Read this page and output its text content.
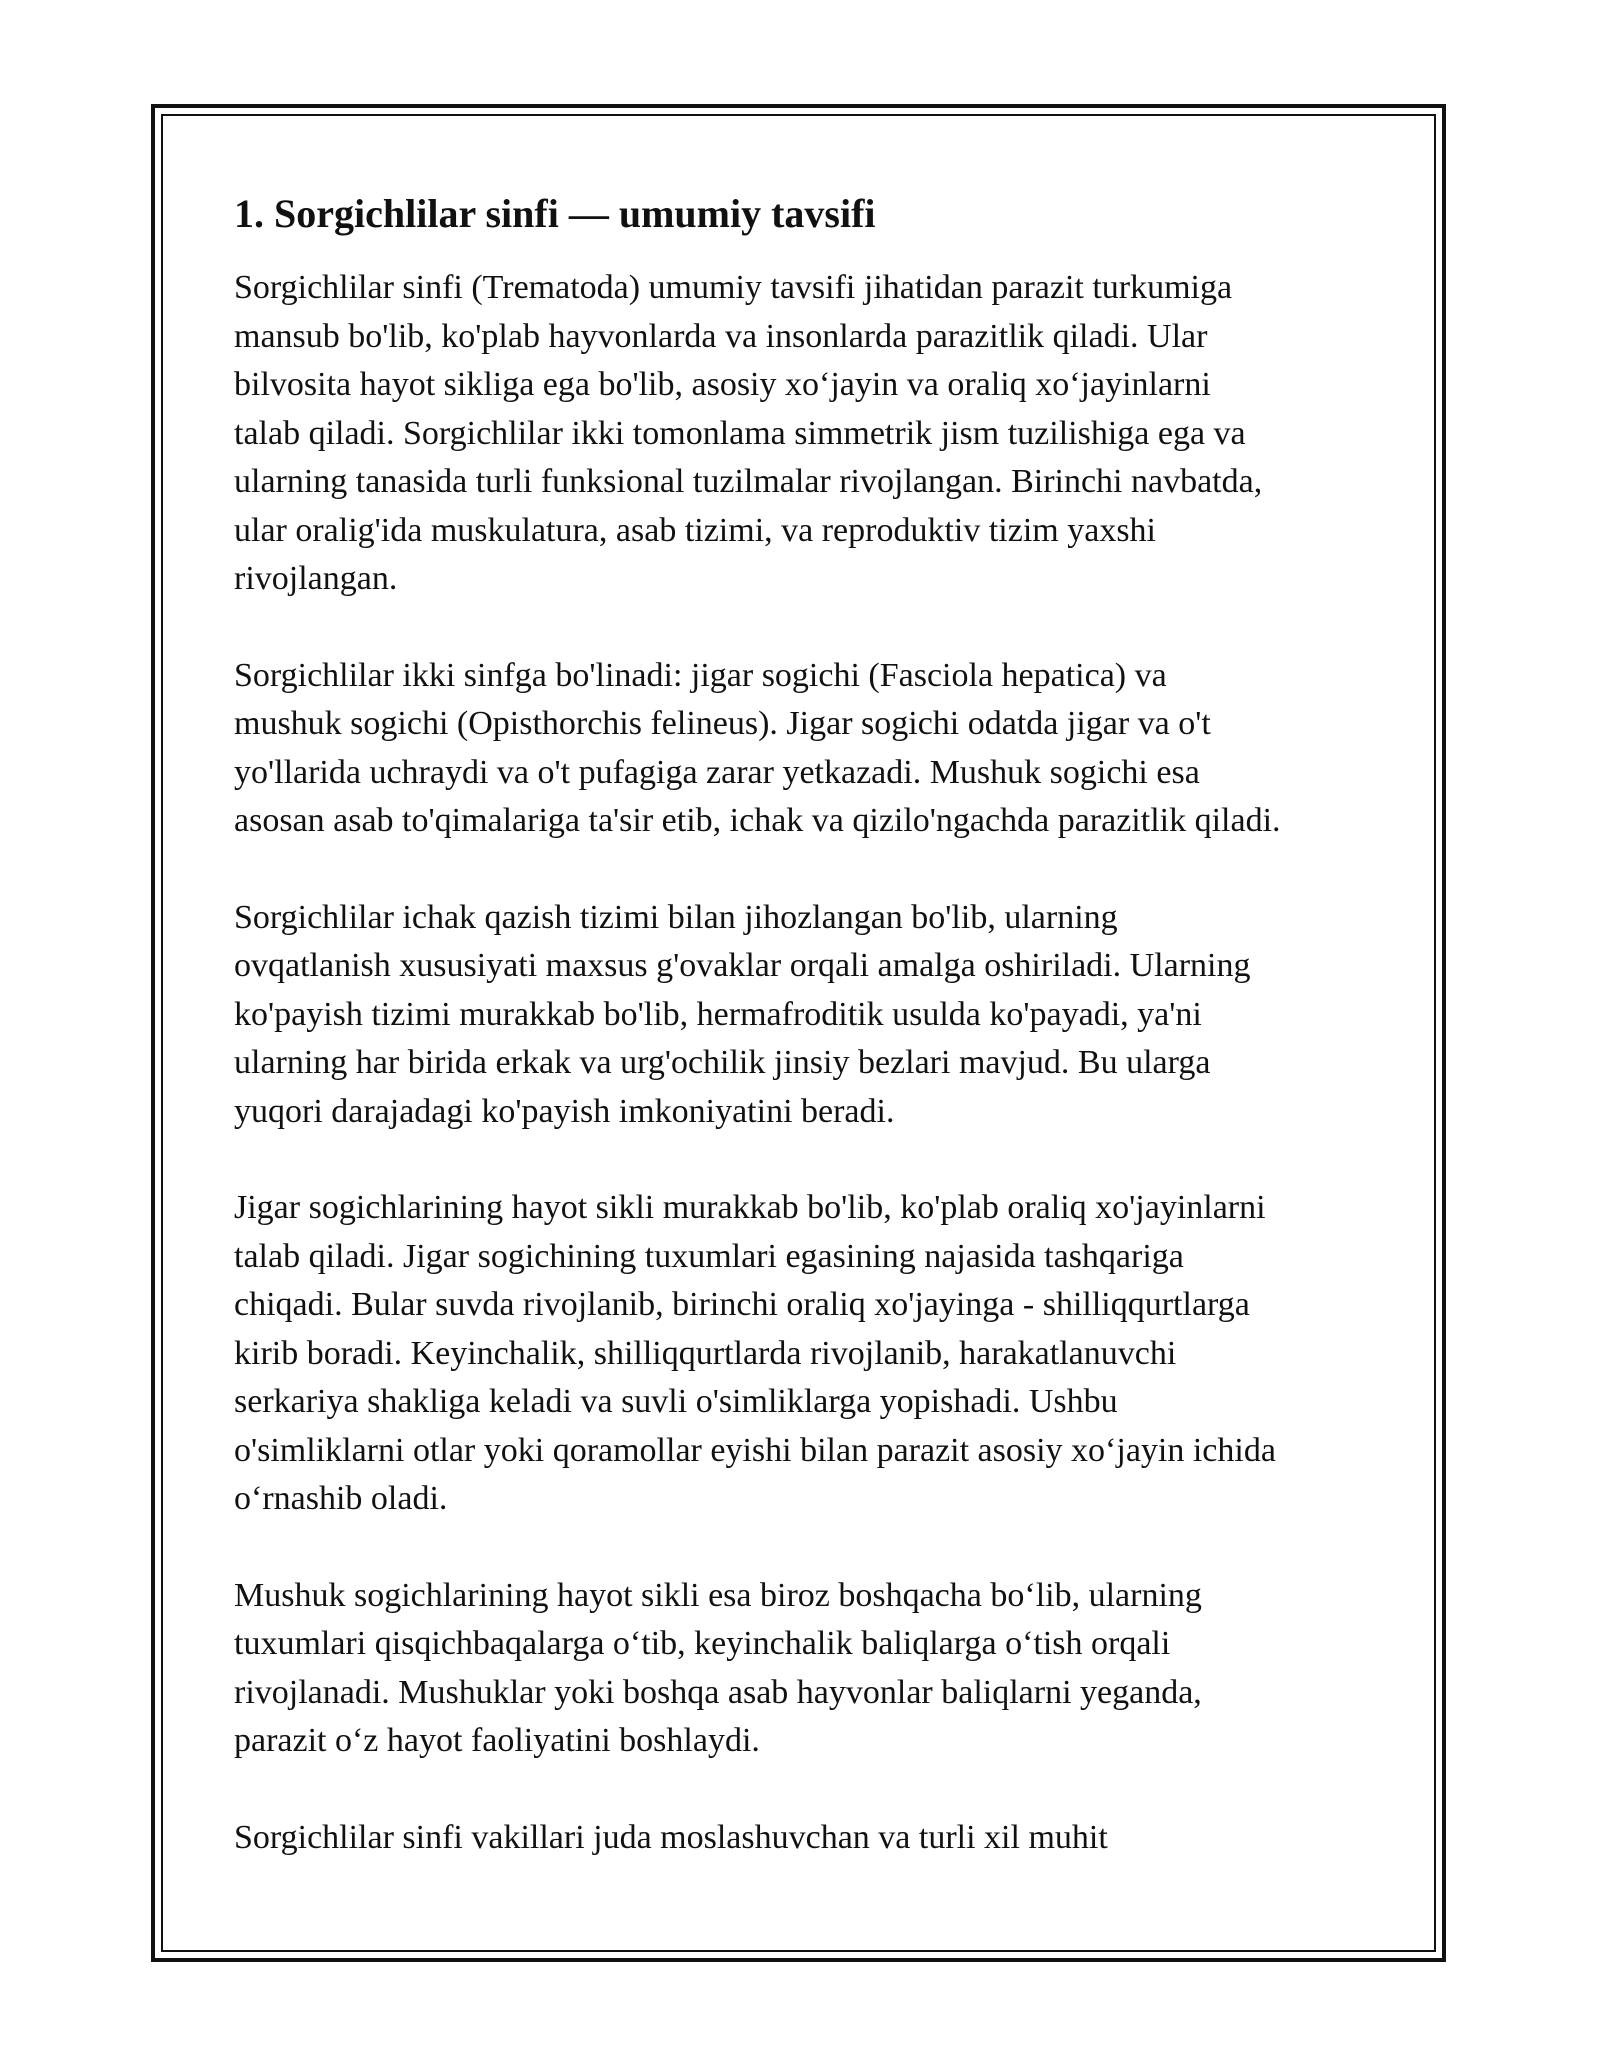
1. Sorgichlilar sinfi — umumiy tavsifi

Sorgichlilar sinfi (Trematoda) umumiy tavsifi jihatidan parazit turkumiga
mansub bo'lib, ko'plab hayvonlarda va insonlarda parazitlik qiladi. Ular
bilvosita hayot sikliga ega bo'lib, asosiy xo‘jayin va oraliq xo‘jayinlarni
talab qiladi. Sorgichlilar ikki tomonlama simmetrik jism tuzilishiga ega va
ularning tanasida turli funksional tuzilmalar rivojlangan. Birinchi navbatda,
ular oralig'ida muskulatura, asab tizimi, va reproduktiv tizim yaxshi
rivojlangan.

Sorgichlilar ikki sinfga bo'linadi: jigar sogichi (Fasciola hepatica) va
mushuk sogichi (Opisthorchis felineus). Jigar sogichi odatda jigar va o't
yo'llarida uchraydi va o't pufagiga zarar yetkazadi. Mushuk sogichi esa
asosan asab to'qimalariga ta'sir etib, ichak va qizilo'ngachda parazitlik qiladi.

Sorgichlilar ichak qazish tizimi bilan jihozlangan bo'lib, ularning
ovqatlanish xususiyati maxsus g'ovaklar orqali amalga oshiriladi. Ularning
ko'payish tizimi murakkab bo'lib, hermafroditik usulda ko'payadi, ya'ni
ularning har birida erkak va urg'ochilik jinsiy bezlari mavjud. Bu ularga
yuqori darajadagi ko'payish imkoniyatini beradi.

Jigar sogichlarining hayot sikli murakkab bo'lib, ko'plab oraliq xo'jayinlarni
talab qiladi. Jigar sogichining tuxumlari egasining najasida tashqariga
chiqadi. Bular suvda rivojlanib, birinchi oraliq xo'jayinga - shilliqqurtlarga
kirib boradi. Keyinchalik, shilliqqurtlarda rivojlanib, harakatlanuvchi
serkariya shakliga keladi va suvli o'simliklarga yopishadi. Ushbu
o'simliklarni otlar yoki qoramollar eyishi bilan parazit asosiy xo‘jayin ichida
o‘rnashib oladi.

Mushuk sogichlarining hayot sikli esa biroz boshqacha bo‘lib, ularning
tuxumlari qisqichbaqalarga o‘tib, keyinchalik baliqlarga o‘tish orqali
rivojlanadi. Mushuklar yoki boshqa asab hayvonlar baliqlarni yeganda,
parazit o‘z hayot faoliyatini boshlaydi.

Sorgichlilar sinfi vakillari juda moslashuvchan va turli xil muhit
